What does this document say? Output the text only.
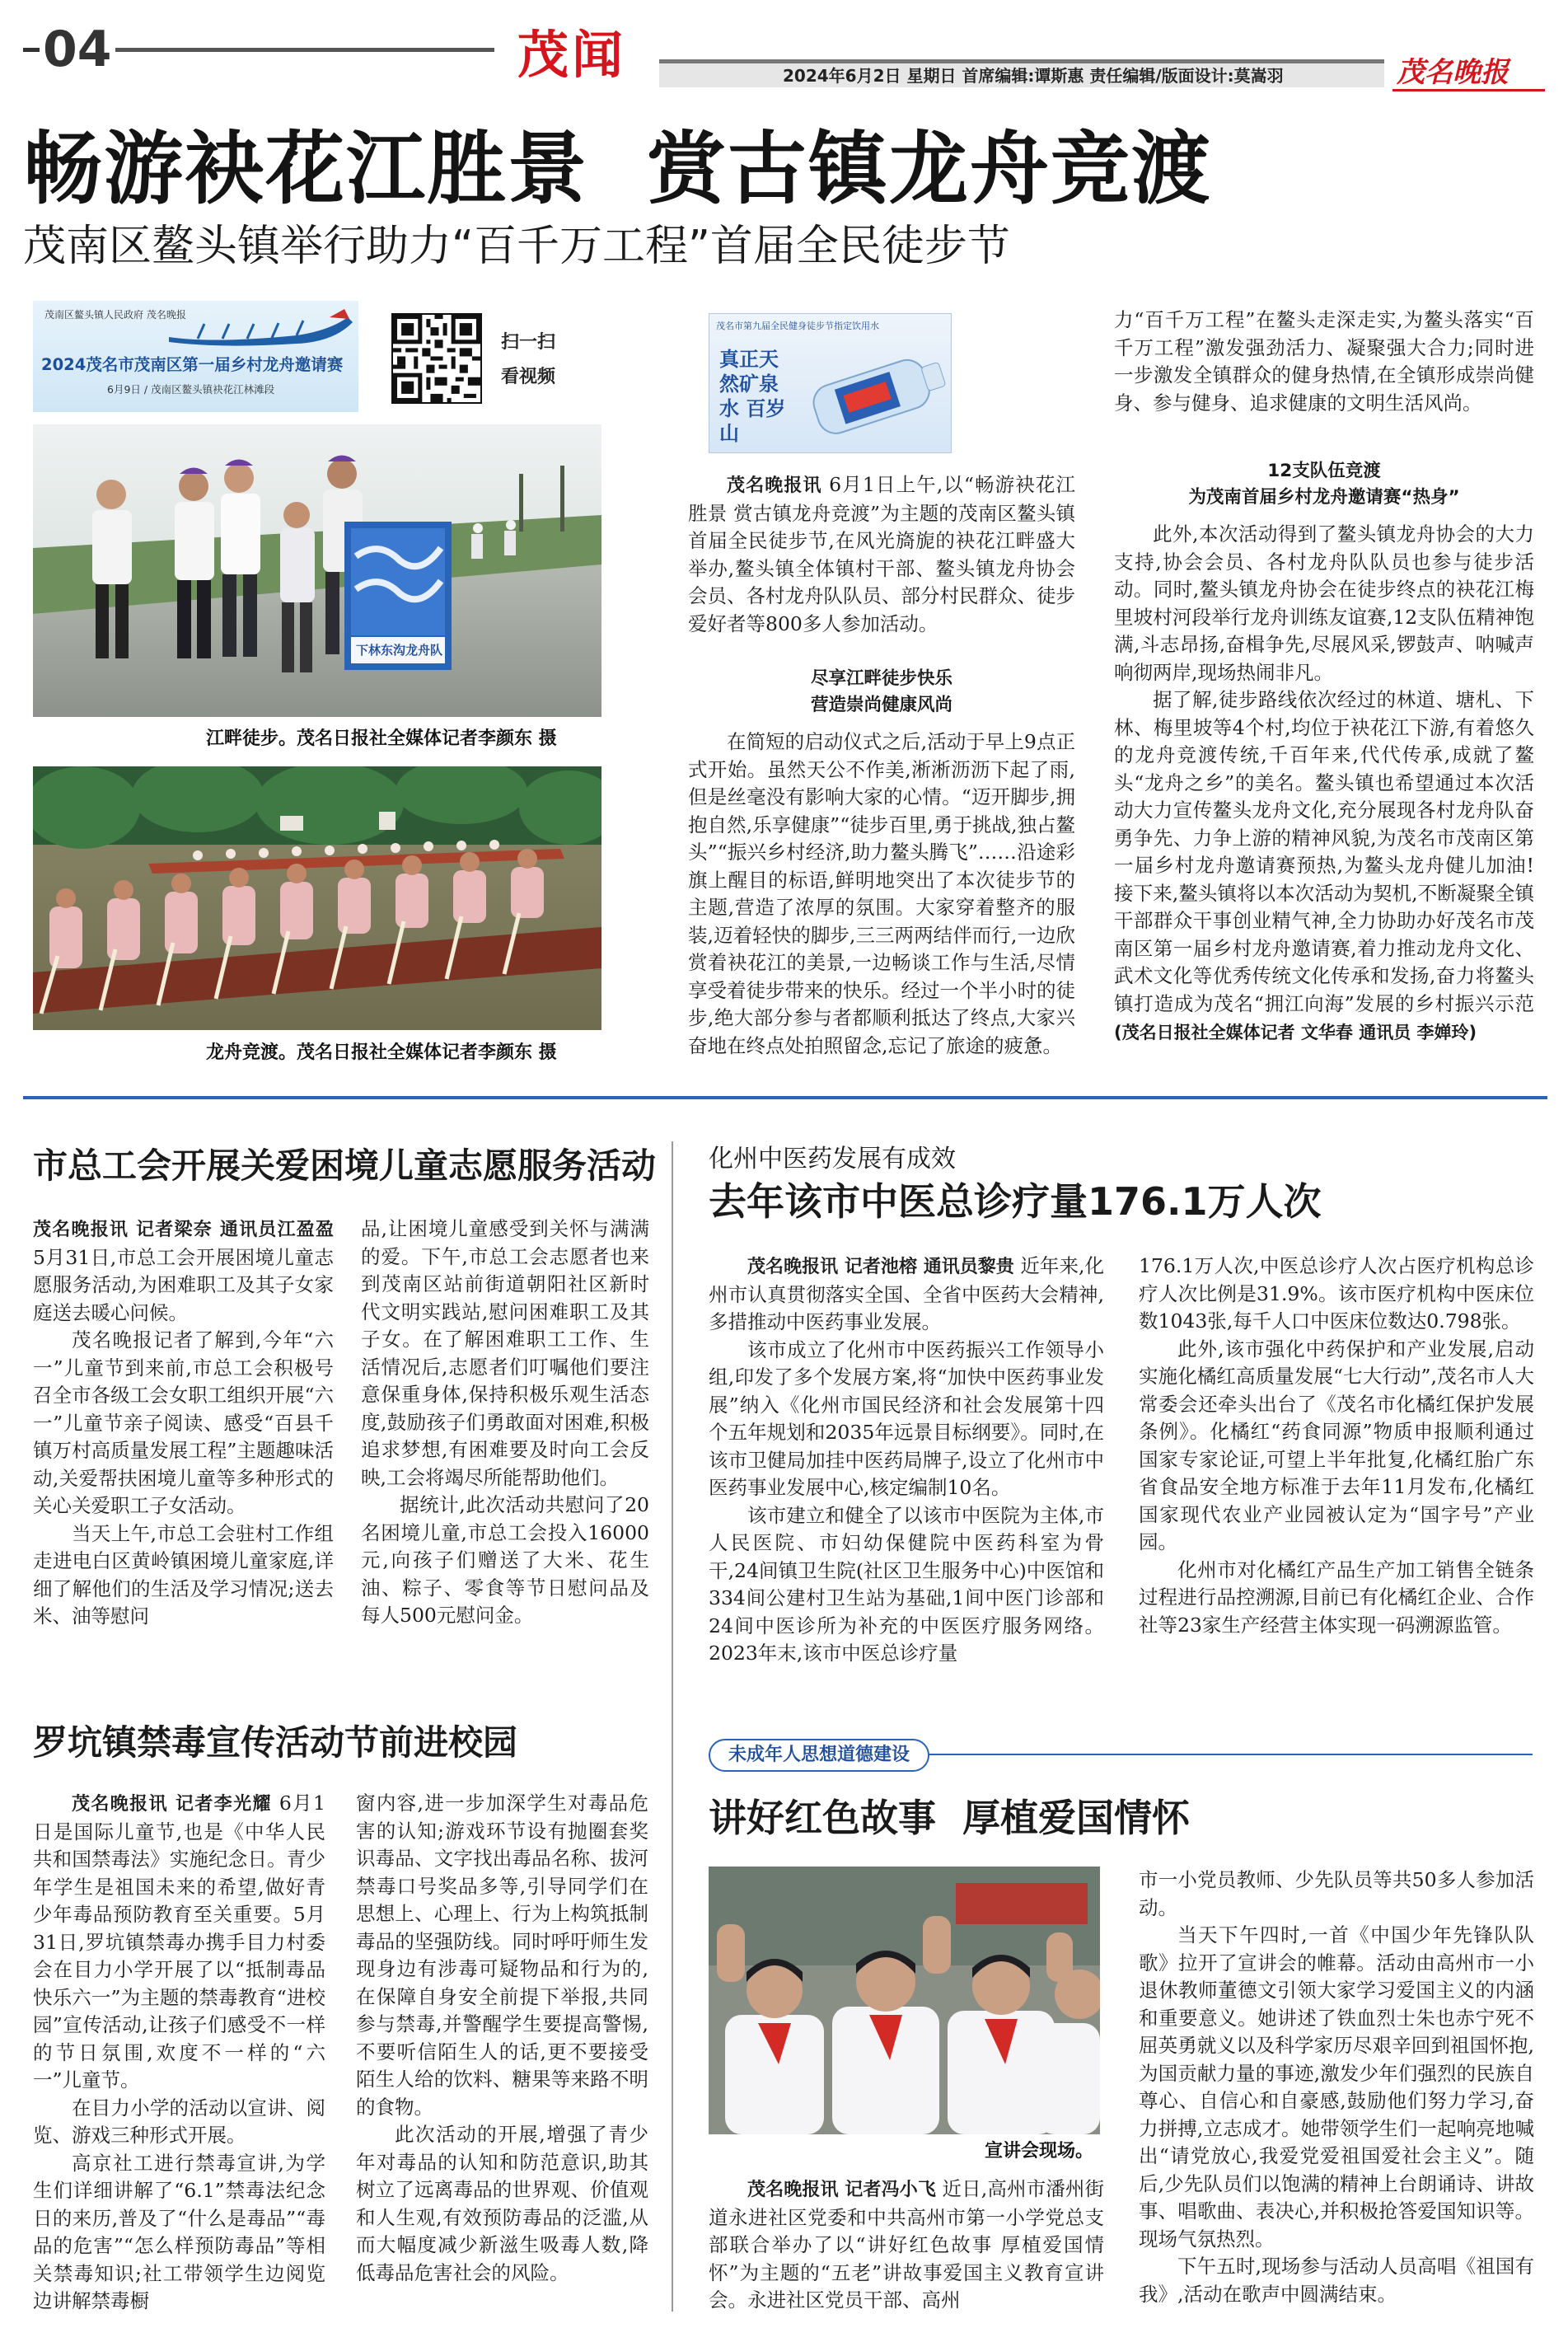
04	茂闻	2024年6月2日 星期日 首席编辑:谭斯惠 责任编辑/版面设计:莫嵩羽	茂名晚报
畅游袂花江胜景  赏古镇龙舟竞渡
茂南区鳌头镇举行助力“百千万工程”首届全民徒步节
茂南区鳌头镇人民政府 茂名晚报
2024茂名市茂南区第一届乡村龙舟邀请赛
6月9日 / 茂南区鳌头镇袂花江林滩段
扫一扫
看视频
下林东沟龙舟队
江畔徒步。茂名日报社全媒体记者李颜东 摄
龙舟竞渡。茂名日报社全媒体记者李颜东 摄
茂名市第九届全民健身徒步节指定饮用水
真正天然矿泉水 百岁山

茂名晚报讯 6月1日上午,以“畅游袂花江胜景 赏古镇龙舟竞渡”为主题的茂南区鳌头镇首届全民徒步节,在风光旖旎的袂花江畔盛大举办,鳌头镇全体镇村干部、鳌头镇龙舟协会会员、各村龙舟队队员、部分村民群众、徒步爱好者等800多人参加活动。

尽享江畔徒步快乐
营造崇尚健康风尚

在简短的启动仪式之后,活动于早上9点正式开始。虽然天公不作美,淅淅沥沥下起了雨,但是丝毫没有影响大家的心情。“迈开脚步,拥抱自然,乐享健康”“徒步百里,勇于挑战,独占鳌头”“振兴乡村经济,助力鳌头腾飞”……沿途彩旗上醒目的标语,鲜明地突出了本次徒步节的主题,营造了浓厚的氛围。大家穿着整齐的服装,迈着轻快的脚步,三三两两结伴而行,一边欣赏着袂花江的美景,一边畅谈工作与生活,尽情享受着徒步带来的快乐。经过一个半小时的徒步,绝大部分参与者都顺利抵达了终点,大家兴奋地在终点处拍照留念,忘记了旅途的疲惫。

力“百千万工程”在鳌头走深走实,为鳌头落实“百千万工程”激发强劲活力、凝聚强大合力;同时进一步激发全镇群众的健身热情,在全镇形成崇尚健身、参与健身、追求健康的文明生活风尚。

12支队伍竞渡
为茂南首届乡村龙舟邀请赛“热身”

此外,本次活动得到了鳌头镇龙舟协会的大力支持,协会会员、各村龙舟队队员也参与徒步活动。同时,鳌头镇龙舟协会在徒步终点的袂花江梅里坡村河段举行龙舟训练友谊赛,12支队伍精神饱满,斗志昂扬,奋楫争先,尽展风采,锣鼓声、呐喊声响彻两岸,现场热闹非凡。

据了解,徒步路线依次经过的林道、塘札、下林、梅里坡等4个村,均位于袂花江下游,有着悠久的龙舟竞渡传统,千百年来,代代传承,成就了鳌头“龙舟之乡”的美名。鳌头镇也希望通过本次活动大力宣传鳌头龙舟文化,充分展现各村龙舟队奋勇争先、力争上游的精神风貌,为茂名市茂南区第一届乡村龙舟邀请赛预热,为鳌头龙舟健儿加油!接下来,鳌头镇将以本次活动为契机,不断凝聚全镇干部群众干事创业精气神,全力协助办好茂名市茂南区第一届乡村龙舟邀请赛,着力推动龙舟文化、武术文化等优秀传统文化传承和发扬,奋力将鳌头镇打造成为茂名“拥江向海”发展的乡村振兴示范

(茂名日报社全媒体记者 文华春 通讯员 李婵玲)
市总工会开展关爱困境儿童志愿服务活动

茂名晚报讯 记者梁奈 通讯员江盈盈 5月31日,市总工会开展困境儿童志愿服务活动,为困难职工及其子女家庭送去暖心问候。

茂名晚报记者了解到,今年“六一”儿童节到来前,市总工会积极号召全市各级工会女职工组织开展“六一”儿童节亲子阅读、感受“百县千镇万村高质量发展工程”主题趣味活动,关爱帮扶困境儿童等多种形式的关心关爱职工子女活动。

当天上午,市总工会驻村工作组走进电白区黄岭镇困境儿童家庭,详细了解他们的生活及学习情况;送去米、油等慰问

品,让困境儿童感受到关怀与满满的爱。下午,市总工会志愿者也来到茂南区站前街道朝阳社区新时代文明实践站,慰问困难职工及其子女。在了解困难职工工作、生活情况后,志愿者们叮嘱他们要注意保重身体,保持积极乐观生活态度,鼓励孩子们勇敢面对困难,积极追求梦想,有困难要及时向工会反映,工会将竭尽所能帮助他们。

据统计,此次活动共慰问了20名困境儿童,市总工会投入16000元,向孩子们赠送了大米、花生油、粽子、零食等节日慰问品及每人500元慰问金。

化州中医药发展有成效
去年该市中医总诊疗量176.1万人次

茂名晚报讯 记者池榕 通讯员黎贵 近年来,化州市认真贯彻落实全国、全省中医药大会精神,多措推动中医药事业发展。

该市成立了化州市中医药振兴工作领导小组,印发了多个发展方案,将“加快中医药事业发展”纳入《化州市国民经济和社会发展第十四个五年规划和2035年远景目标纲要》。同时,在该市卫健局加挂中医药局牌子,设立了化州市中医药事业发展中心,核定编制10名。

该市建立和健全了以该市中医院为主体,市人民医院、市妇幼保健院中医药科室为骨干,24间镇卫生院(社区卫生服务中心)中医馆和334间公建村卫生站为基础,1间中医门诊部和24间中医诊所为补充的中医医疗服务网络。2023年末,该市中医总诊疗量

176.1万人次,中医总诊疗人次占医疗机构总诊疗人次比例是31.9%。该市医疗机构中医床位数1043张,每千人口中医床位数达0.798张。

此外,该市强化中药保护和产业发展,启动实施化橘红高质量发展“七大行动”,茂名市人大常委会还牵头出台了《茂名市化橘红保护发展条例》。化橘红“药食同源”物质申报顺利通过国家专家论证,可望上半年批复,化橘红胎广东省食品安全地方标准于去年11月发布,化橘红国家现代农业产业园被认定为“国字号”产业园。

化州市对化橘红产品生产加工销售全链条过程进行品控溯源,目前已有化橘红企业、合作社等23家生产经营主体实现一码溯源监管。

罗坑镇禁毒宣传活动节前进校园

茂名晚报讯 记者李光耀 6月1日是国际儿童节,也是《中华人民共和国禁毒法》实施纪念日。青少年学生是祖国未来的希望,做好青少年毒品预防教育至关重要。5月31日,罗坑镇禁毒办携手目力村委会在目力小学开展了以“抵制毒品 快乐六一”为主题的禁毒教育“进校园”宣传活动,让孩子们感受不一样的节日氛围,欢度不一样的“六一”儿童节。

在目力小学的活动以宣讲、阅览、游戏三种形式开展。

高京社工进行禁毒宣讲,为学生们详细讲解了“6.1”禁毒法纪念日的来历,普及了“什么是毒品”“毒品的危害”“怎么样预防毒品”等相关禁毒知识;社工带领学生边阅览边讲解禁毒橱

窗内容,进一步加深学生对毒品危害的认知;游戏环节设有抛圈套奖识毒品、文字找出毒品名称、拔河禁毒口号奖品多等,引导同学们在思想上、心理上、行为上构筑抵制毒品的坚强防线。同时呼吁师生发现身边有涉毒可疑物品和行为的,在保障自身安全前提下举报,共同参与禁毒,并警醒学生要提高警惕,不要听信陌生人的话,更不要接受陌生人给的饮料、糖果等来路不明的食物。

此次活动的开展,增强了青少年对毒品的认知和防范意识,助其树立了远离毒品的世界观、价值观和人生观,有效预防毒品的泛滥,从而大幅度减少新滋生吸毒人数,降低毒品危害社会的风险。

未成年人思想道德建设
讲好红色故事  厚植爱国情怀
宣讲会现场。

茂名晚报讯 记者冯小飞 近日,高州市潘州街道永进社区党委和中共高州市第一小学党总支部联合举办了以“讲好红色故事 厚植爱国情怀”为主题的“五老”讲故事爱国主义教育宣讲会。永进社区党员干部、高州

市一小党员教师、少先队员等共50多人参加活动。

当天下午四时,一首《中国少年先锋队队歌》拉开了宣讲会的帷幕。活动由高州市一小退休教师董德文引领大家学习爱国主义的内涵和重要意义。她讲述了铁血烈士朱也赤宁死不屈英勇就义以及科学家历尽艰辛回到祖国怀抱,为国贡献力量的事迹,激发少年们强烈的民族自尊心、自信心和自豪感,鼓励他们努力学习,奋力拼搏,立志成才。她带领学生们一起响亮地喊出“请党放心,我爱党爱祖国爱社会主义”。随后,少先队员们以饱满的精神上台朗诵诗、讲故事、唱歌曲、表决心,并积极抢答爱国知识等。现场气氛热烈。

下午五时,现场参与活动人员高唱《祖国有我》,活动在歌声中圆满结束。
